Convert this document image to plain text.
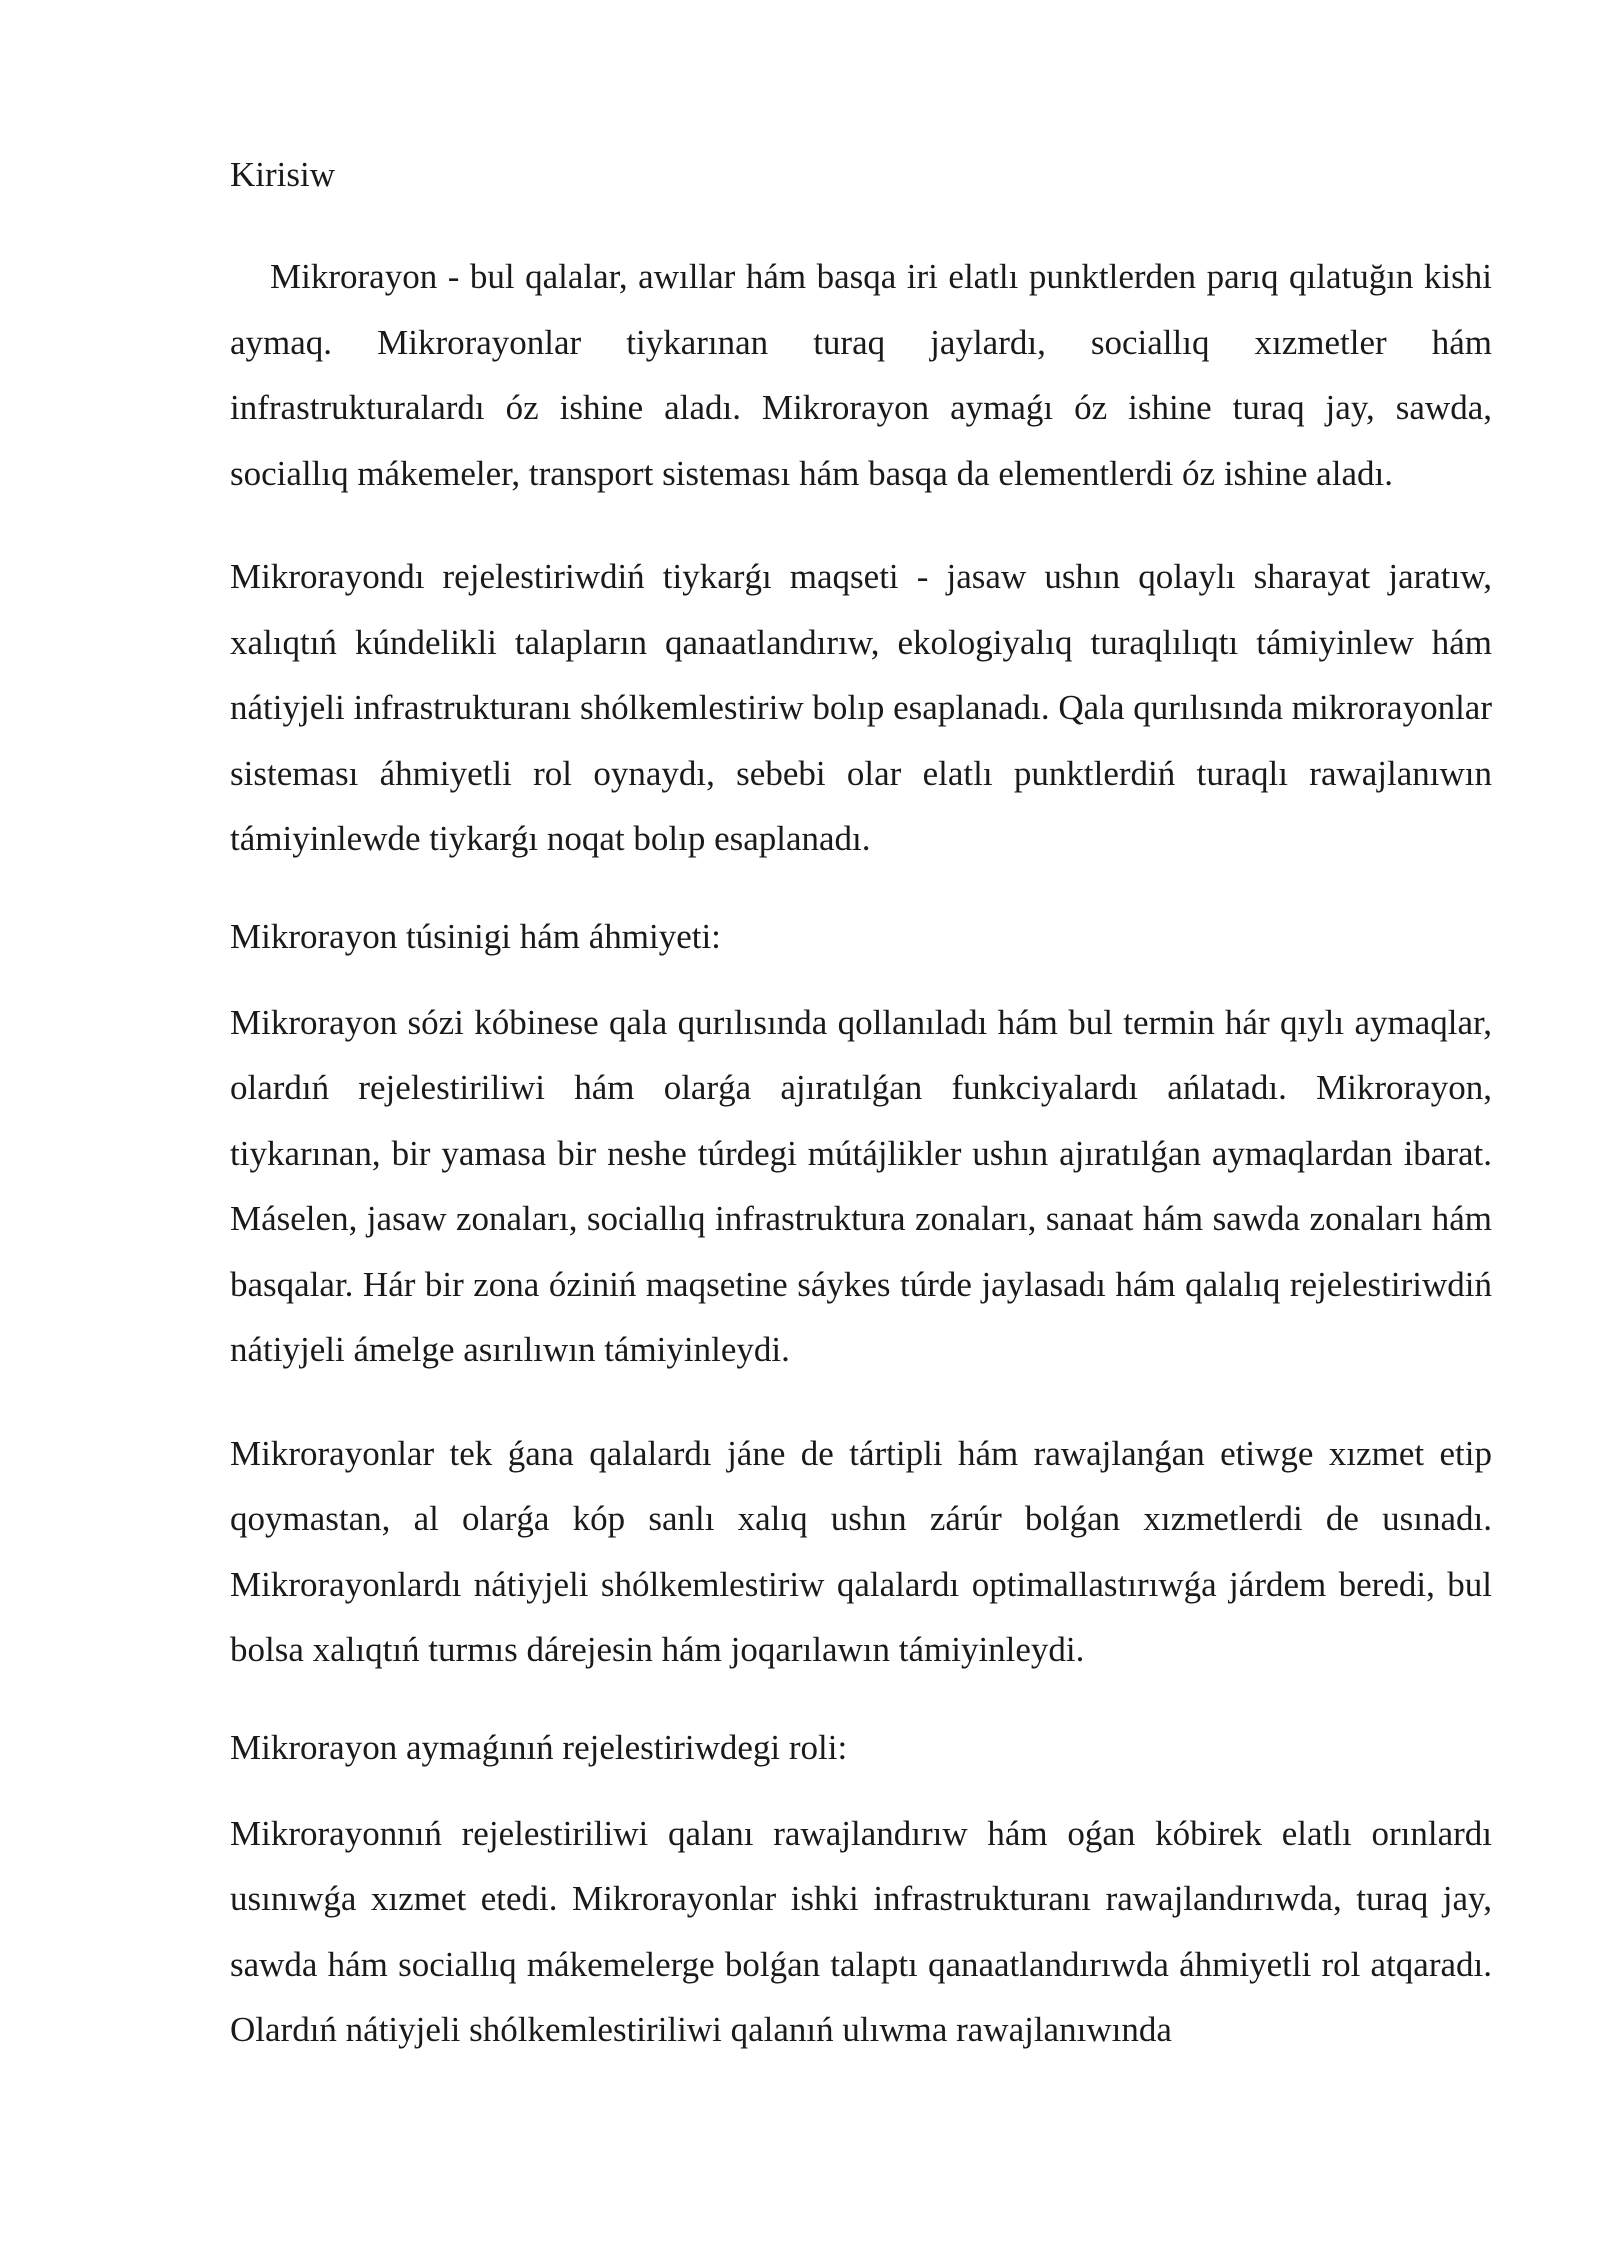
Kirisiw

Mikrorayon - bul qalalar, awıllar hám basqa iri elatlı punktlerden parıq qılatuğın kishi aymaq. Mikrorayonlar tiykarınan turaq jaylardı, sociallıq xızmetler hám infrastrukturalardı óz ishine aladı. Mikrorayon aymaǵı óz ishine turaq jay, sawda, sociallıq mákemeler, transport sisteması hám basqa da elementlerdi óz ishine aladı.

Mikrorayondı rejelestiriwdiń tiykarǵı maqseti - jasaw ushın qolaylı sharayat jaratıw, xalıqtıń kúndelikli talapların qanaatlandırıw, ekologiyalıq turaqlılıqtı támiyinlew hám nátiyjeli infrastrukturanı shólkemlestiriw bolıp esaplanadı. Qala qurılısında mikrorayonlar sisteması áhmiyetli rol oynaydı, sebebi olar elatlı punktlerdiń turaqlı rawajlanıwın támiyinlewde tiykarǵı noqat bolıp esaplanadı.

Mikrorayon túsinigi hám áhmiyeti:

Mikrorayon sózi kóbinese qala qurılısında qollanıladı hám bul termin hár qıylı aymaqlar, olardıń rejelestiriliwi hám olarǵa ajıratılǵan funkciyalardı ańlatadı. Mikrorayon, tiykarınan, bir yamasa bir neshe túrdegi mútájlikler ushın ajıratılǵan aymaqlardan ibarat. Máselen, jasaw zonaları, sociallıq infrastruktura zonaları, sanaat hám sawda zonaları hám basqalar. Hár bir zona óziniń maqsetine sáykes túrde jaylasadı hám qalalıq rejelestiriwdiń nátiyjeli ámelge asırılıwın támiyinleydi.

Mikrorayonlar tek ǵana qalalardı jáne de tártipli hám rawajlanǵan etiwge xızmet etip qoymastan, al olarǵa kóp sanlı xalıq ushın zárúr bolǵan xızmetlerdi de usınadı. Mikrorayonlardı nátiyjeli shólkemlestiriw qalalardı optimallastırıwǵa járdem beredi, bul bolsa xalıqtıń turmıs dárejesin hám joqarılawın támiyinleydi.

Mikrorayon aymaǵınıń rejelestiriwdegi roli:

Mikrorayonnıń rejelestiriliwi qalanı rawajlandırıw hám oǵan kóbirek elatlı orınlardı usınıwǵa xızmet etedi. Mikrorayonlar ishki infrastrukturanı rawajlandırıwda, turaq jay, sawda hám sociallıq mákemelerge bolǵan talaptı qanaatlandırıwda áhmiyetli rol atqaradı. Olardıń nátiyjeli shólkemlestiriliwi qalanıń ulıwma rawajlanıwında
